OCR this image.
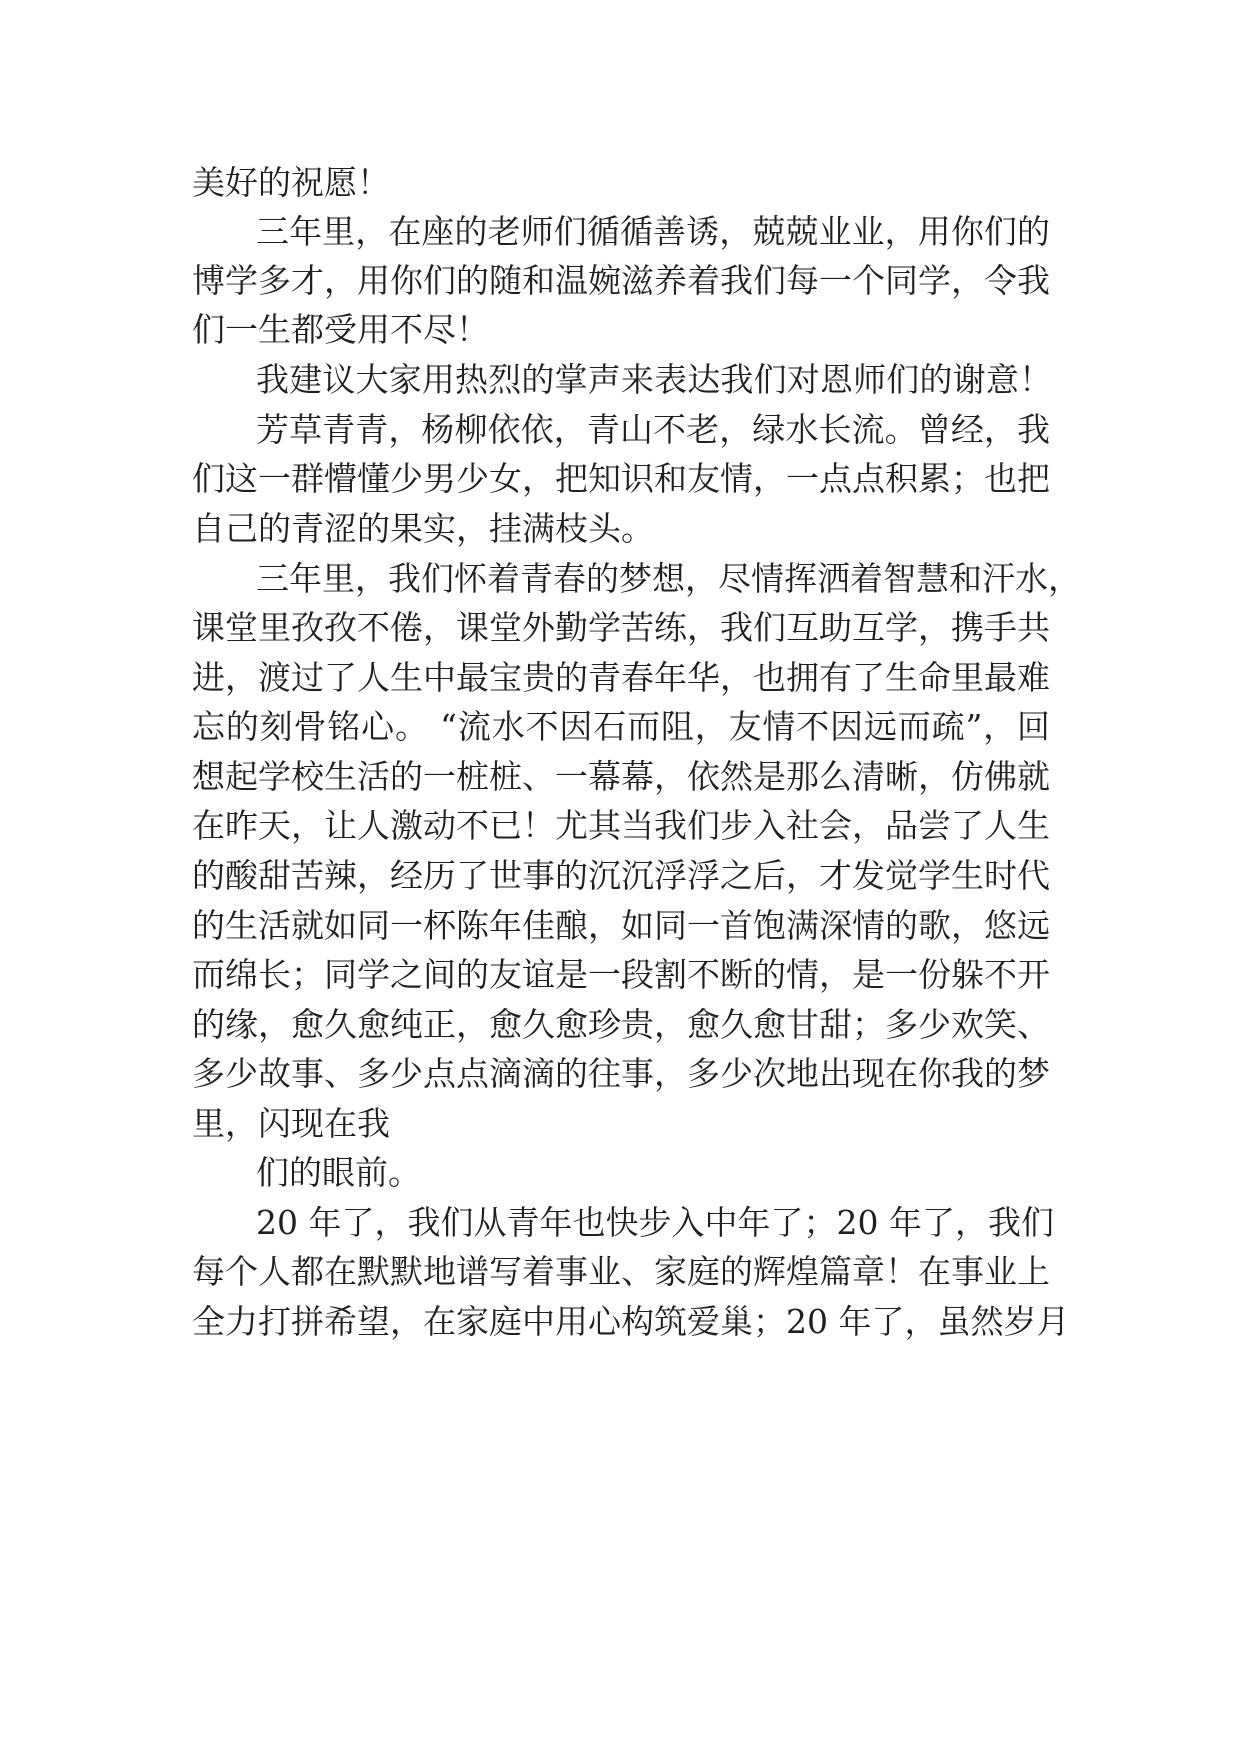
美好的祝愿！

三年里，在座的老师们循循善诱，兢兢业业，用你们的

博学多才，用你们的随和温婉滋养着我们每一个同学，令我

们一生都受用不尽！

我建议大家用热烈的掌声来表达我们对恩师们的谢意！

芳草青青，杨柳依依，青山不老，绿水长流。曾经，我

们这一群懵懂少男少女，把知识和友情，一点点积累；也把

自己的青涩的果实，挂满枝头。

三年里，我们怀着青春的梦想，尽情挥洒着智慧和汗水，

课堂里孜孜不倦，课堂外勤学苦练，我们互助互学，携手共

进，渡过了人生中最宝贵的青春年华，也拥有了生命里最难

忘的刻骨铭心。 “流水不因石而阻，友情不因远而疏”，回

想起学校生活的一桩桩、一幕幕，依然是那么清晰，仿佛就

在昨天，让人激动不已！尤其当我们步入社会，品尝了人生

的酸甜苦辣，经历了世事的沉沉浮浮之后，才发觉学生时代

的生活就如同一杯陈年佳酿，如同一首饱满深情的歌，悠远

而绵长；同学之间的友谊是一段割不断的情，是一份躲不开

的缘，愈久愈纯正，愈久愈珍贵，愈久愈甘甜；多少欢笑、

多少故事、多少点点滴滴的往事，多少次地出现在你我的梦

里，闪现在我

们的眼前。

20 年了，我们从青年也快步入中年了；20 年了，我们

每个人都在默默地谱写着事业、家庭的辉煌篇章！在事业上

全力打拼希望，在家庭中用心构筑爱巢；20 年了，虽然岁月
